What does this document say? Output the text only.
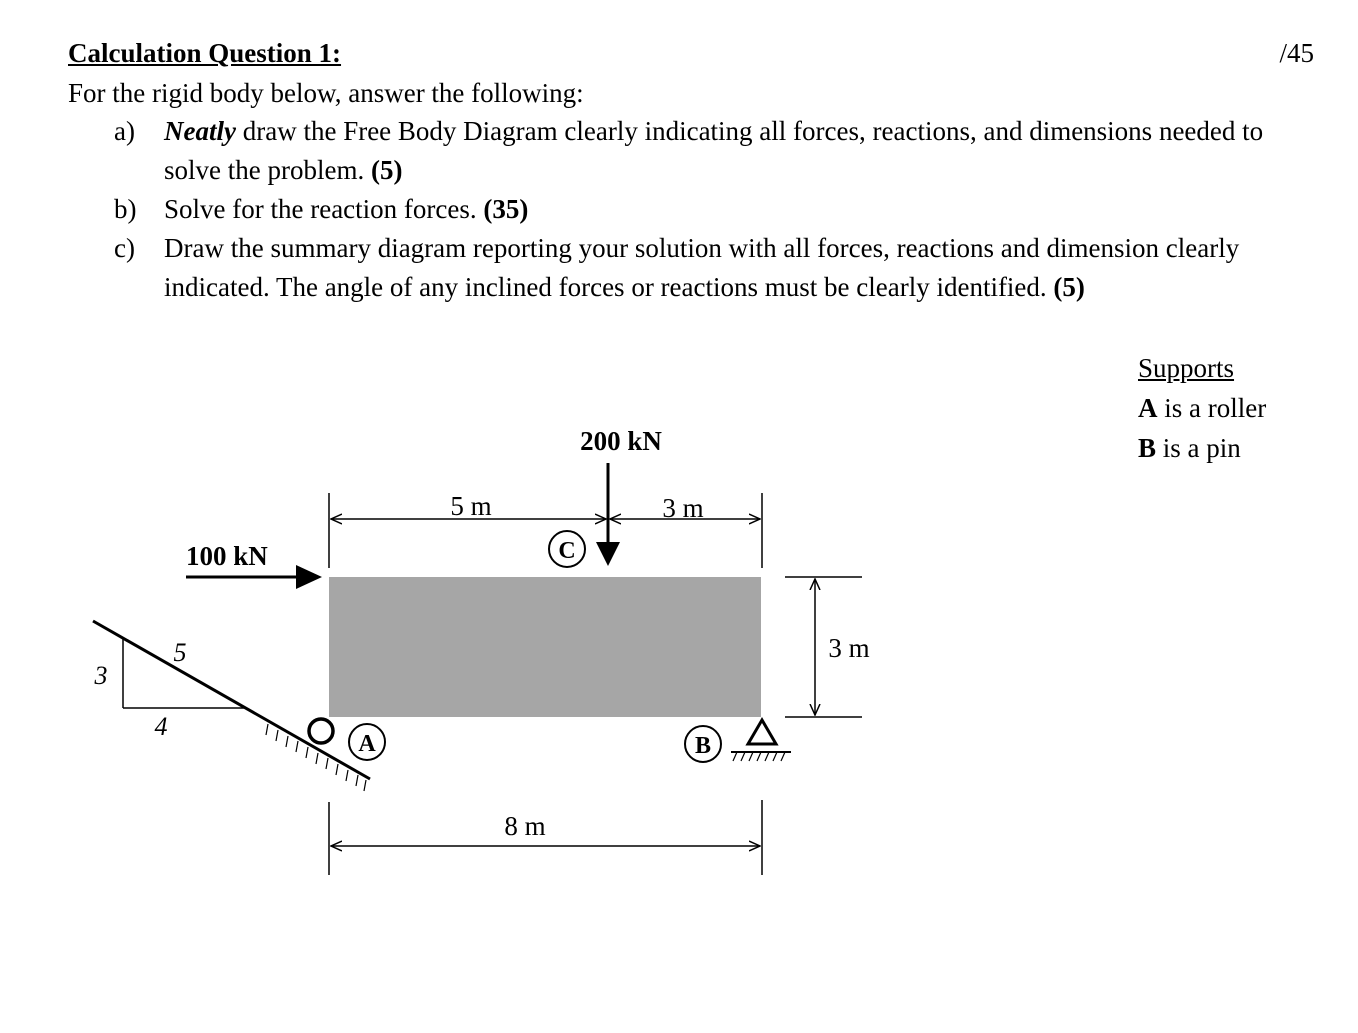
Calculation Question 1:	/45
For the rigid body below, answer the following:
a) Neatly draw the Free Body Diagram clearly indicating all forces, reactions, and dimensions needed to solve the problem. (5)
b) Solve for the reaction forces. (35)
c) Draw the summary diagram reporting your solution with all forces, reactions and dimension clearly indicated. The angle of any inclined forces or reactions must be clearly identified. (5)
Supports
A is a roller
B is a pin
200 kN
C
100 kN
5 m	3 m
3 m
8 m
3
4
5
A	B
